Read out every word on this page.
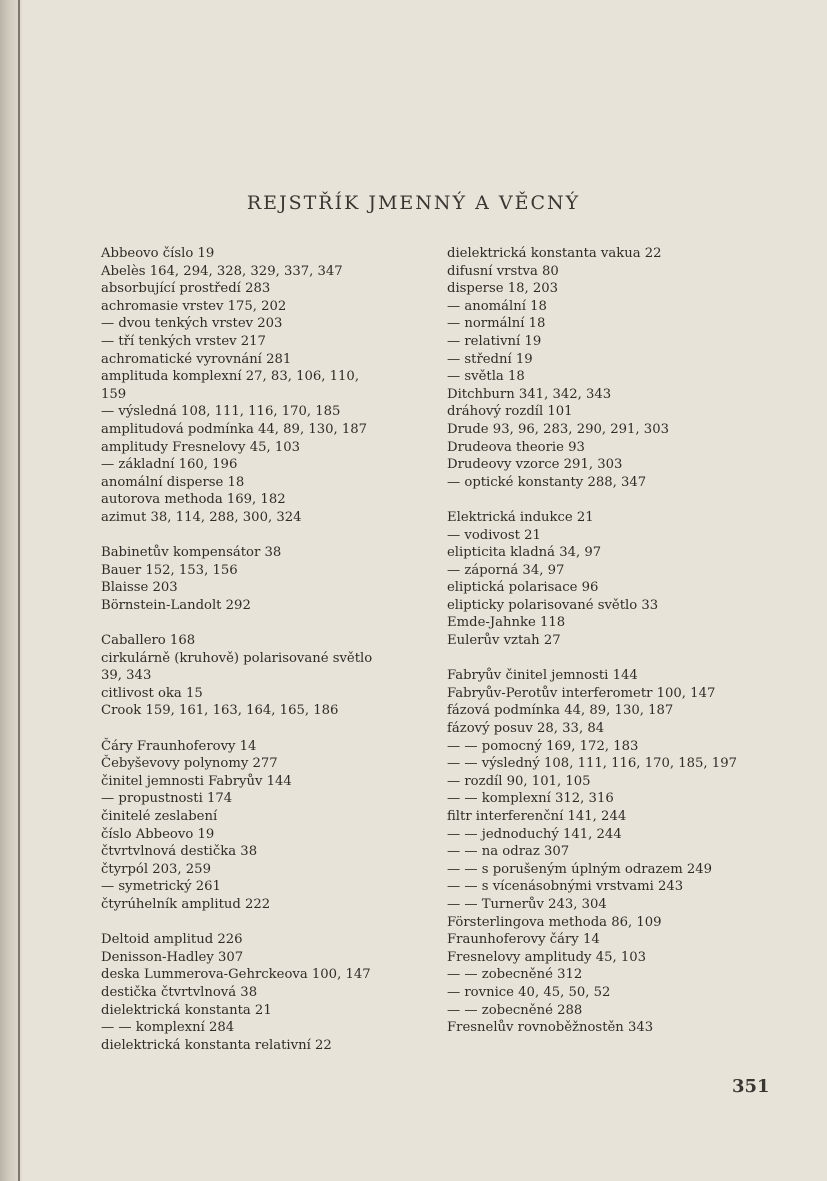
REJSTŘÍK JMENNÝ A VĚCNÝ
Abbeovo číslo 19
Abelès 164, 294, 328, 329, 337, 347
absorbující prostředí 283
achromasie vrstev 175, 202
— dvou tenkých vrstev 203
— tří tenkých vrstev 217
achromatické vyrovnání 281
amplituda komplexní 27, 83, 106, 110,
159
— výsledná 108, 111, 116, 170, 185
amplitudová podmínka 44, 89, 130, 187
amplitudy Fresnelovy 45, 103
— základní 160, 196
anomální disperse 18
autorova methoda 169, 182
azimut 38, 114, 288, 300, 324
Babinetův kompensátor 38
Bauer 152, 153, 156
Blaisse 203
Börnstein-Landolt 292
Caballero 168
cirkulárně (kruhově) polarisované světlo
39, 343
citlivost oka 15
Crook 159, 161, 163, 164, 165, 186
Čáry Fraunhoferovy 14
Čebyševovy polynomy 277
činitel jemnosti Fabryův 144
— propustnosti 174
činitelé zeslabení
číslo Abbeovo 19
čtvrtvlnová destička 38
čtyrpól 203, 259
— symetrický 261
čtyrúhelník amplitud 222
Deltoid amplitud 226
Denisson-Hadley 307
deska Lummerova-Gehrckeova 100, 147
destička čtvrtvlnová 38
dielektrická konstanta 21
— — komplexní 284
dielektrická konstanta relativní 22
dielektrická konstanta vakua 22
difusní vrstva 80
disperse 18, 203
— anomální 18
— normální 18
— relativní 19
— střední 19
— světla 18
Ditchburn 341, 342, 343
dráhový rozdíl 101
Drude 93, 96, 283, 290, 291, 303
Drudeova theorie 93
Drudeovy vzorce 291, 303
— optické konstanty 288, 347
Elektrická indukce 21
— vodivost 21
elipticita kladná 34, 97
— záporná 34, 97
eliptická polarisace 96
elipticky polarisované světlo 33
Emde-Jahnke 118
Eulerův vztah 27
Fabryův činitel jemnosti 144
Fabryův-Perotův interferometr 100, 147
fázová podmínka 44, 89, 130, 187
fázový posuv 28, 33, 84
— — pomocný 169, 172, 183
— — výsledný 108, 111, 116, 170, 185, 197
— rozdíl 90, 101, 105
— — komplexní 312, 316
filtr interferenční 141, 244
— — jednoduchý 141, 244
— — na odraz 307
— — s porušeným úplným odrazem 249
— — s vícenásobnými vrstvami 243
— — Turnerův 243, 304
Försterlingova methoda 86, 109
Fraunhoferovy čáry 14
Fresnelovy amplitudy 45, 103
— — zobecněné 312
— rovnice 40, 45, 50, 52
— — zobecněné 288
Fresnelův rovnoběžnostěn 343
351
